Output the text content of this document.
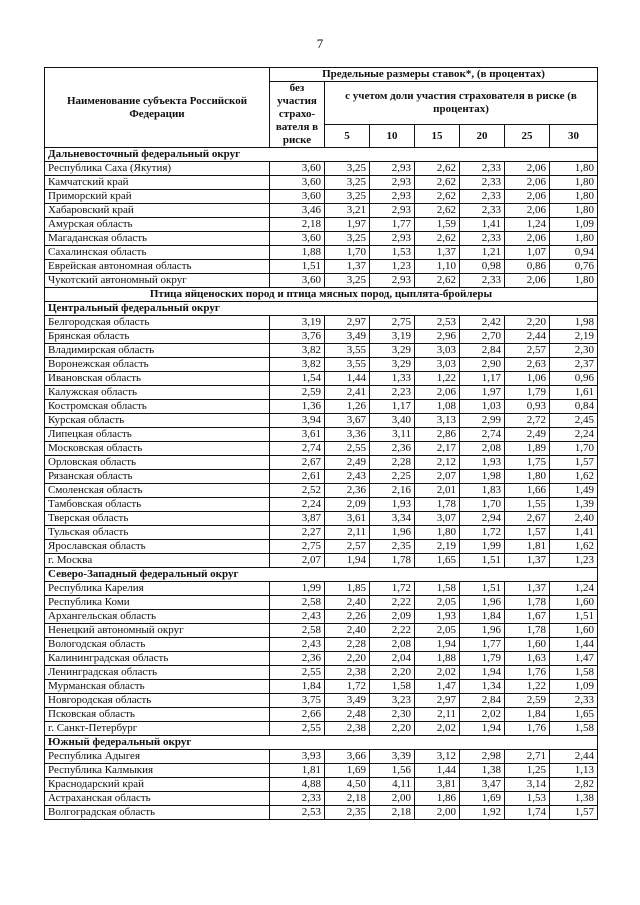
7
Наименование субъекта Российской Федерации	Предельные размеры ставок*, (в процентах)						
	без участия страхо-вателя в риске	с учетом доли участия страхователя в риске (в процентах)					
		5	10	15	20	25	30
Дальневосточный федеральный округ							
Республика Саха (Якутия)	3,60	3,25	2,93	2,62	2,33	2,06	1,80
Камчатский край	3,60	3,25	2,93	2,62	2,33	2,06	1,80
Приморский край	3,60	3,25	2,93	2,62	2,33	2,06	1,80
Хабаровский край	3,46	3,21	2,93	2,62	2,33	2,06	1,80
Амурская область	2,18	1,97	1,77	1,59	1,41	1,24	1,09
Магаданская область	3,60	3,25	2,93	2,62	2,33	2,06	1,80
Сахалинская область	1,88	1,70	1,53	1,37	1,21	1,07	0,94
Еврейская автономная область	1,51	1,37	1,23	1,10	0,98	0,86	0,76
Чукотский автономный округ	3,60	3,25	2,93	2,62	2,33	2,06	1,80
Птица яйценоских пород и птица мясных пород, цыплята-бройлеры							
Центральный федеральный округ							
Белгородская область	3,19	2,97	2,75	2,53	2,42	2,20	1,98
Брянская область	3,76	3,49	3,19	2,96	2,70	2,44	2,19
Владимирская область	3,82	3,55	3,29	3,03	2,84	2,57	2,30
Воронежская область	3,82	3,55	3,29	3,03	2,90	2,63	2,37
Ивановская область	1,54	1,44	1,33	1,22	1,17	1,06	0,96
Калужская область	2,59	2,41	2,23	2,06	1,97	1,79	1,61
Костромская область	1,36	1,26	1,17	1,08	1,03	0,93	0,84
Курская область	3,94	3,67	3,40	3,13	2,99	2,72	2,45
Липецкая область	3,61	3,36	3,11	2,86	2,74	2,49	2,24
Московская область	2,74	2,55	2,36	2,17	2,08	1,89	1,70
Орловская область	2,67	2,49	2,28	2,12	1,93	1,75	1,57
Рязанская область	2,61	2,43	2,25	2,07	1,98	1,80	1,62
Смоленская область	2,52	2,36	2,16	2,01	1,83	1,66	1,49
Тамбовская область	2,24	2,09	1,93	1,78	1,70	1,55	1,39
Тверская область	3,87	3,61	3,34	3,07	2,94	2,67	2,40
Тульская область	2,27	2,11	1,96	1,80	1,72	1,57	1,41
Ярославская область	2,75	2,57	2,35	2,19	1,99	1,81	1,62
г. Москва	2,07	1,94	1,78	1,65	1,51	1,37	1,23
Северо-Западный федеральный округ							
Республика Карелия	1,99	1,85	1,72	1,58	1,51	1,37	1,24
Республика Коми	2,58	2,40	2,22	2,05	1,96	1,78	1,60
Архангельская область	2,43	2,26	2,09	1,93	1,84	1,67	1,51
Ненецкий автономный округ	2,58	2,40	2,22	2,05	1,96	1,78	1,60
Вологодская область	2,43	2,28	2,08	1,94	1,77	1,60	1,44
Калининградская область	2,36	2,20	2,04	1,88	1,79	1,63	1,47
Ленинградская область	2,55	2,38	2,20	2,02	1,94	1,76	1,58
Мурманская область	1,84	1,72	1,58	1,47	1,34	1,22	1,09
Новгородская область	3,75	3,49	3,23	2,97	2,84	2,59	2,33
Псковская область	2,66	2,48	2,30	2,11	2,02	1,84	1,65
г. Санкт-Петербург	2,55	2,38	2,20	2,02	1,94	1,76	1,58
Южный федеральный округ							
Республика Адыгея	3,93	3,66	3,39	3,12	2,98	2,71	2,44
Республика Калмыкия	1,81	1,69	1,56	1,44	1,38	1,25	1,13
Краснодарский край	4,88	4,50	4,11	3,81	3,47	3,14	2,82
Астраханская область	2,33	2,18	2,00	1,86	1,69	1,53	1,38
Волгоградская область	2,53	2,35	2,18	2,00	1,92	1,74	1,57
